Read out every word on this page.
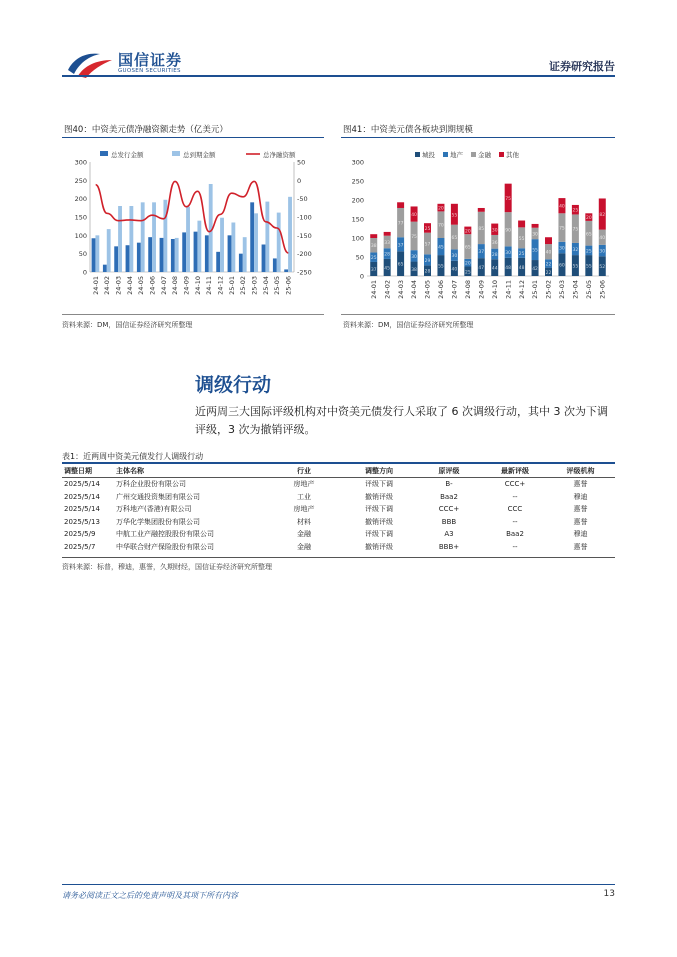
国信证券
GUOSEN SECURITIES	证券研究报告
图40：中资美元债净融资额走势（亿美元）
总发行金额	总到期金额	总净融资额
0
50
100
150
200
250
300	50
0
-50
-100
-150
-200
-250
24-01 24-02 24-03 24-04 24-05 24-06 24-07 24-08 24-09 24-10 24-11 24-12 25-01 25-02 25-03 25-04 25-05 25-06
资料来源：DM，国信证券经济研究所整理
图41：中资美元债各板块到期规模
城投 地产 金融 其他
0
50
100
150
200
250
300
37
25
38
24-01
45
28
33
24-02
65
37
77
24-03
38
30
75
40
24-04
28
29
57
25
24-05
55
45
70
20
24-06
40
30
65
55
24-07
25
20
65
20
24-08
47
37
85
24-09
44
28
36
30
24-10
48
30
90
75
24-11
48
25
55
24-12
42
55
30
25-01
22
22
40
25-02
60
30
75
40
25-03
55
32
75
25
25-04
55
25
65
20
25-05
52
30
40
82
25-06
资料来源：DM，国信证券经济研究所整理
调级行动
近两周三大国际评级机构对中资美元债发行人采取了 6 次调级行动，其中 3 次为下调评级，3 次为撤销评级。
表1：近两周中资美元债发行人调级行动
调整日期	主体名称	行业	调整方向	原评级	最新评级	评级机构
2025/5/14	万科企业股份有限公司	房地产	评级下调	B-	CCC+	惠誉
2025/5/14	广州交通投资集团有限公司	工业	撤销评级	Baa2	--	穆迪
2025/5/14	万科地产(香港)有限公司	房地产	评级下调	CCC+	CCC	惠誉
2025/5/13	万华化学集团股份有限公司	材料	撤销评级	BBB	--	惠誉
2025/5/9	中航工业产融控股股份有限公司	金融	评级下调	A3	Baa2	穆迪
2025/5/7	中华联合财产保险股份有限公司	金融	撤销评级	BBB+	--	惠誉
资料来源：标普，穆迪，惠誉，久期财经，国信证券经济研究所整理
请务必阅读正文之后的免责声明及其项下所有内容	13
